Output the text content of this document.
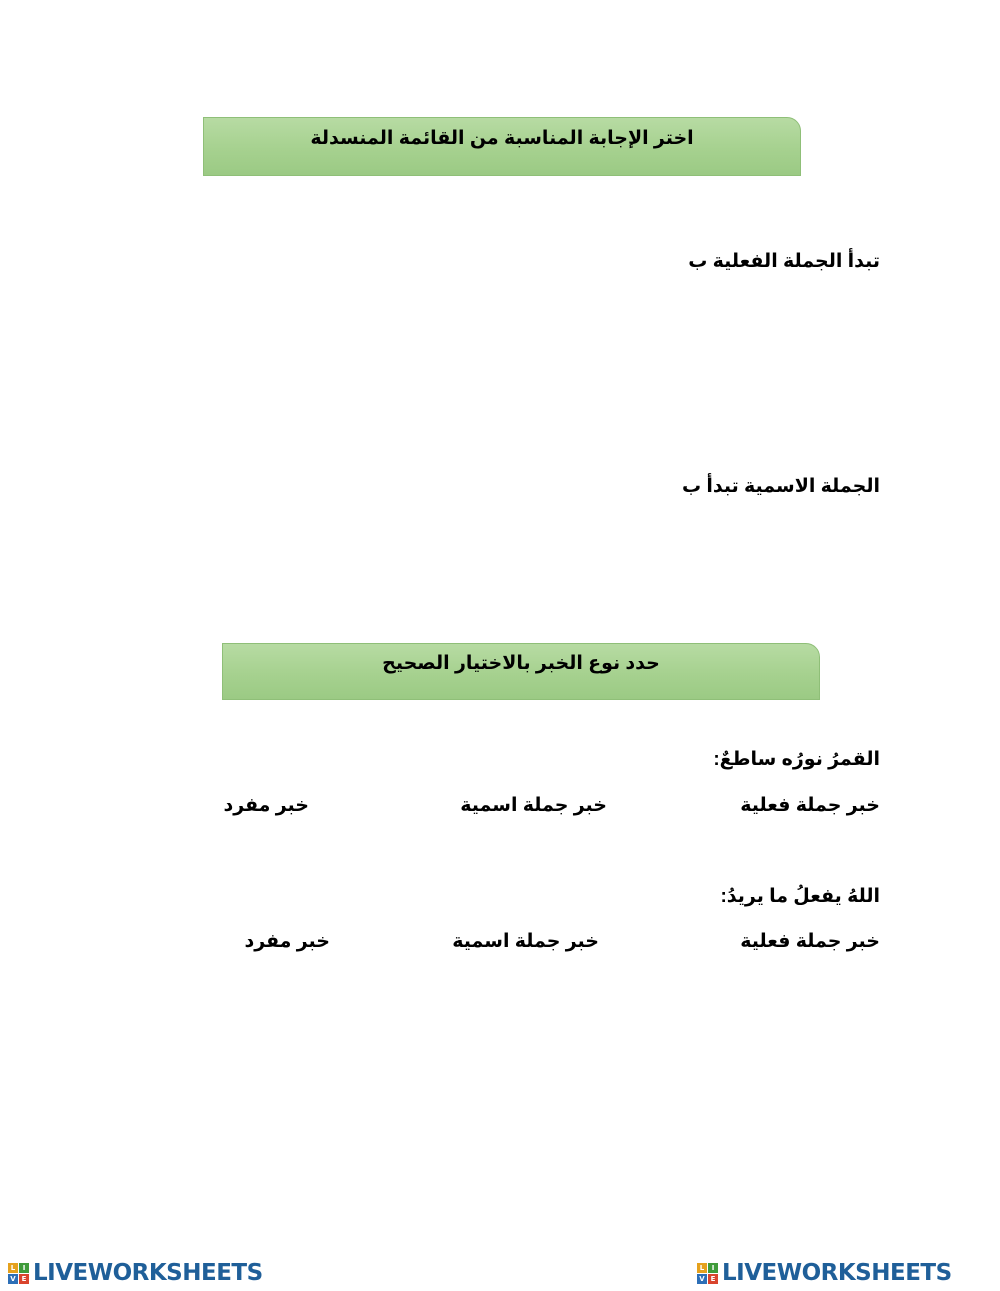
اختر الإجابة المناسبة من القائمة المنسدلة
تبدأ الجملة الفعلية ب
الجملة الاسمية تبدأ ب
حدد نوع الخبر بالاختيار الصحيح
القمرُ نورُه ساطعٌ:
خبر جملة فعلية
خبر جملة اسمية
خبر مفرد
اللهُ يفعلُ ما يريدُ:
خبر جملة فعلية
خبر جملة اسمية
خبر مفرد
L	I
V E LIVEWORKSHEETS	L	I
V E LIVEWORKSHEETS
